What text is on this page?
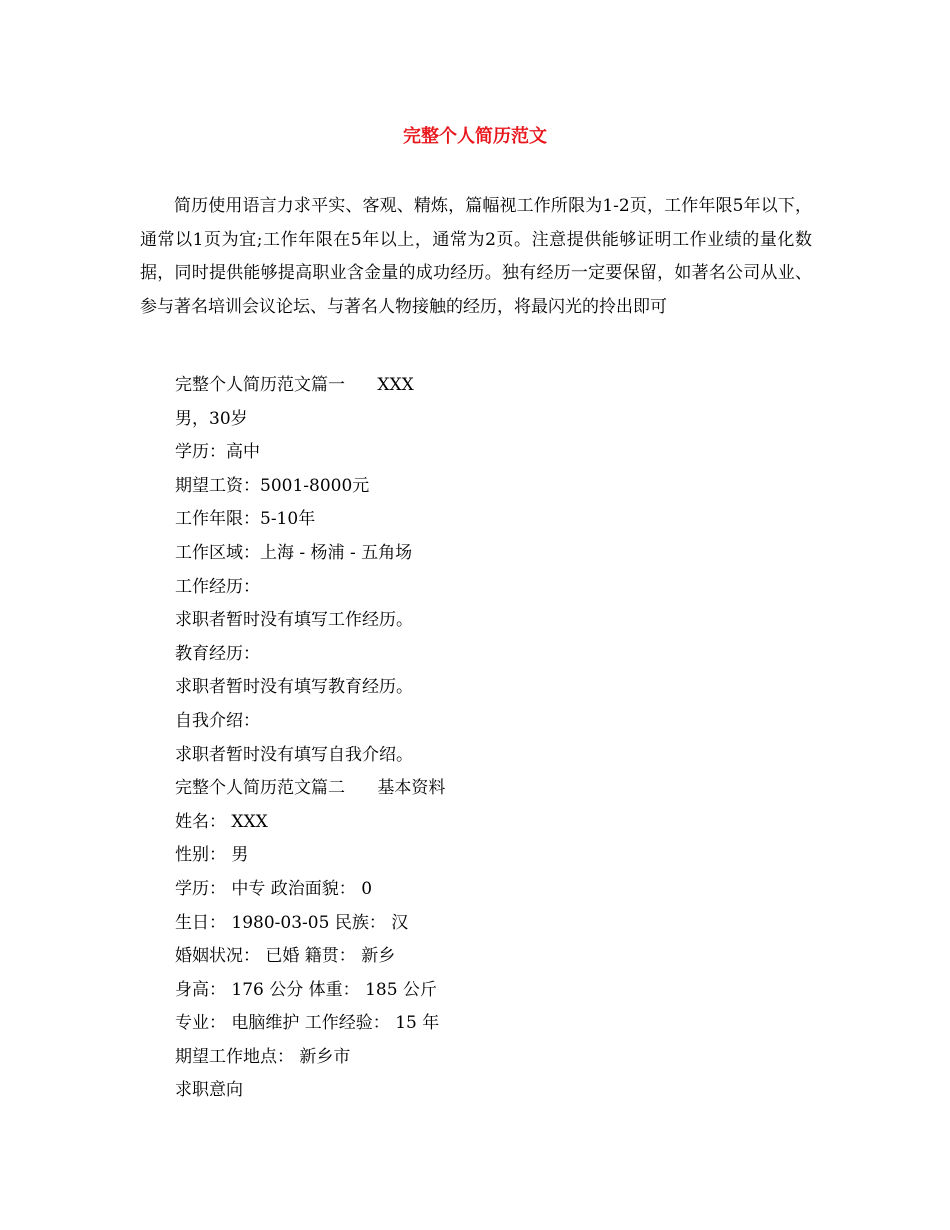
完整个人简历范文

简历使用语言力求平实、客观、精炼，篇幅视工作所限为1-2页，工作年限5年以下，通常以1页为宜;工作年限在5年以上，通常为2页。注意提供能够证明工作业绩的量化数据，同时提供能够提高职业含金量的成功经历。独有经历一定要保留，如著名公司从业、参与著名培训会议论坛、与著名人物接触的经历，将最闪光的拎出即可

完整个人简历范文篇一      XXX
男，30岁
学历：高中
期望工资：5001-8000元
工作年限：5-10年
工作区域：上海 - 杨浦 - 五角场
工作经历：
求职者暂时没有填写工作经历。
教育经历：
求职者暂时没有填写教育经历。
自我介绍：
求职者暂时没有填写自我介绍。
完整个人简历范文篇二      基本资料
姓名： XXX
性别： 男
学历： 中专 政治面貌： 0
生日： 1980-03-05 民族： 汉
婚姻状况： 已婚 籍贯： 新乡
身高： 176 公分 体重： 185 公斤
专业： 电脑维护 工作经验： 15 年
期望工作地点： 新乡市
求职意向
